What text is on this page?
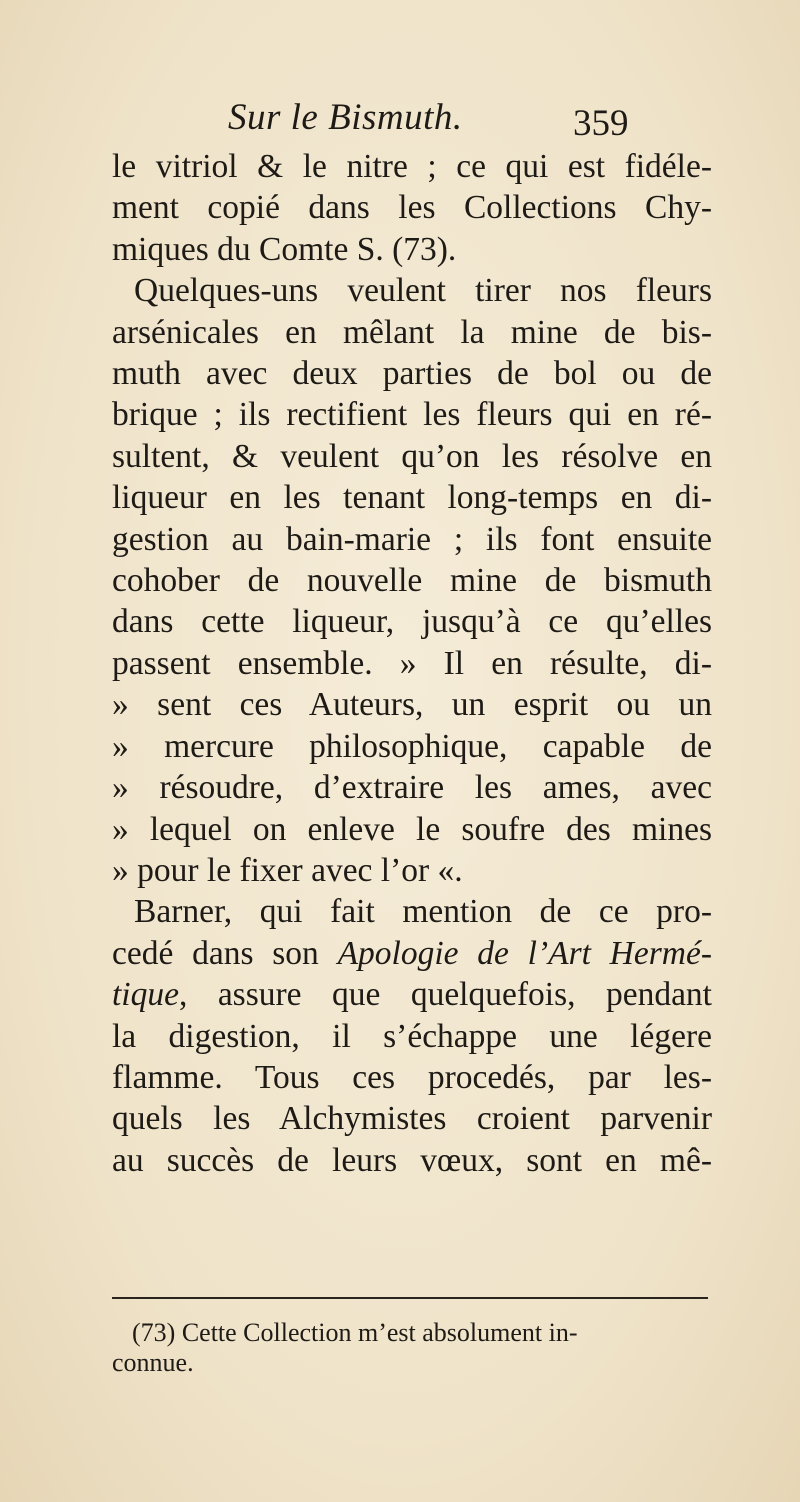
Sur le Bismuth.	359
le vitriol & le nitre ; ce qui est fidéle-
ment copié dans les Collections Chy-
miques du Comte S. (73).
Quelques-uns veulent tirer nos fleurs
arsénicales en mêlant la mine de bis-
muth avec deux parties de bol ou de
brique ; ils rectifient les fleurs qui en ré-
sultent, & veulent qu’on les résolve en
liqueur en les tenant long-temps en di-
gestion au bain-marie ; ils font ensuite
cohober de nouvelle mine de bismuth
dans cette liqueur, jusqu’à ce qu’elles
passent ensemble. » Il en résulte, di-
» sent ces Auteurs, un esprit ou un
» mercure philosophique, capable de
» résoudre, d’extraire les ames, avec
» lequel on enleve le soufre des mines
» pour le fixer avec l’or «.
Barner, qui fait mention de ce pro-
cedé dans son Apologie de l’Art Hermé-
tique, assure que quelquefois, pendant
la digestion, il s’échappe une légere
flamme. Tous ces procedés, par les-
quels les Alchymistes croient parvenir
au succès de leurs vœux, sont en mê-
(73) Cette Collection m’est absolument in-
connue.
